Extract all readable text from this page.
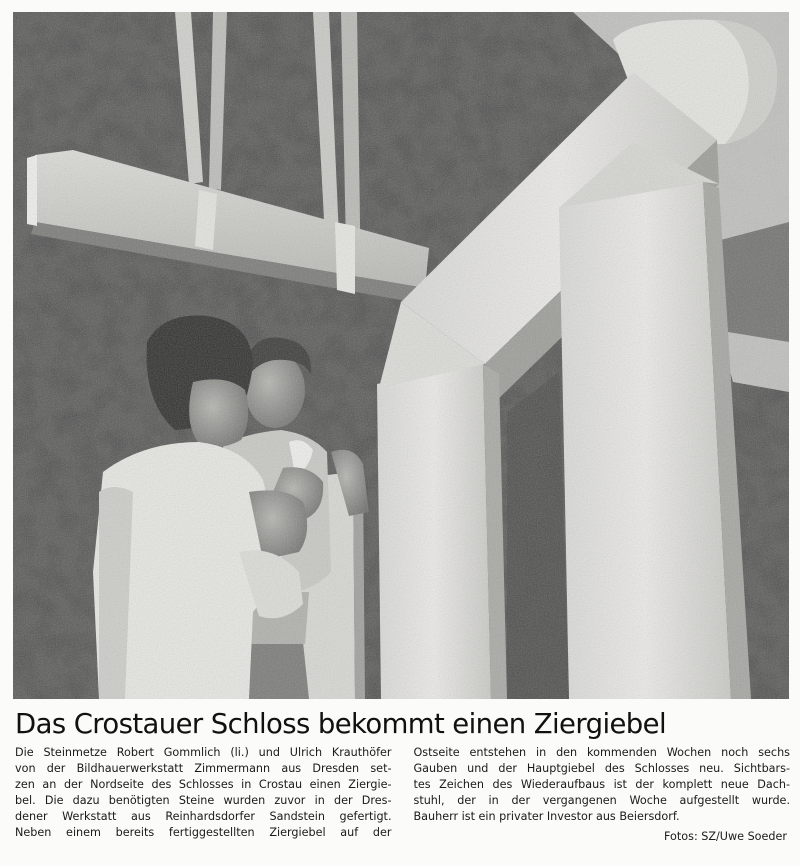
Das Crostauer Schloss bekommt einen Ziergiebel
Die Steinmetze Robert Gommlich (li.) und Ulrich Krauthöfer
von der Bildhauerwerkstatt Zimmermann aus Dresden set-
zen an der Nordseite des Schlosses in Crostau einen Ziergie-
bel. Die dazu benötigten Steine wurden zuvor in der Dres-
dener Werkstatt aus Reinhardsdorfer Sandstein gefertigt.
Neben einem bereits fertiggestellten Ziergiebel auf der
Ostseite entstehen in den kommenden Wochen noch sechs
Gauben und der Hauptgiebel des Schlosses neu. Sichtbars-
tes Zeichen des Wiederaufbaus ist der komplett neue Dach-
stuhl, der in der vergangenen Woche aufgestellt wurde.
Bauherr ist ein privater Investor aus Beiersdorf.
Fotos: SZ/Uwe Soeder
